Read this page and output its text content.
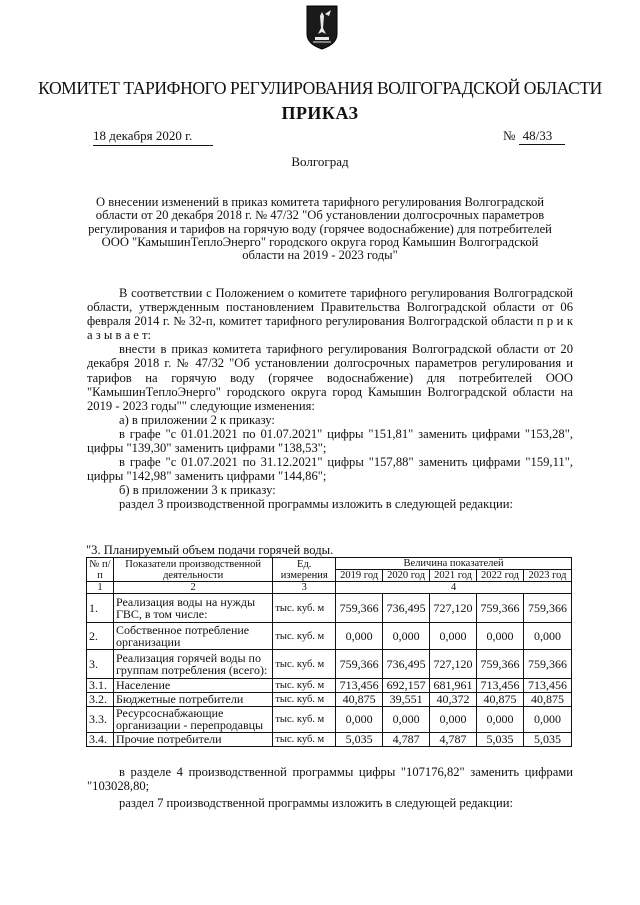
КОМИТЕТ ТАРИФНОГО РЕГУЛИРОВАНИЯ ВОЛГОГРАДСКОЙ ОБЛАСТИ
ПРИКАЗ
18 декабря 2020 г.	№ 48/33
Волгоград
О внесении изменений в приказ комитета тарифного регулирования Волгоградской области от 20 декабря 2018 г. № 47/32 "Об установлении долгосрочных параметров регулирования и тарифов на горячую воду (горячее водоснабжение) для потребителей ООО "КамышинТеплоЭнерго" городского округа город Камышин Волгоградской области на 2019 - 2023 годы"

В соответствии с Положением о комитете тарифного регулирования Волгоградской области, утвержденным постановлением Правительства Волгоградской области от 06 февраля 2014 г. № 32-п, комитет тарифного регулирования Волгоградской области п р и к а з ы в а е т:

внести в приказ комитета тарифного регулирования Волгоградской области от 20 декабря 2018 г. № 47/32 "Об установлении долгосрочных параметров регулирования и тарифов на горячую воду (горячее водоснабжение) для потребителей ООО "КамышинТеплоЭнерго" городского округа город Камышин Волгоградской области на 2019 - 2023 годы"" следующие изменения:

а) в приложении 2 к приказу:

в графе "с 01.01.2021 по 01.07.2021" цифры "151,81" заменить цифрами "153,28", цифры "139,30" заменить цифрами "138,53";

в графе "с 01.07.2021 по 31.12.2021" цифры "157,88" заменить цифрами "159,11", цифры "142,98" заменить цифрами "144,86";

б) в приложении 3 к приказу:

раздел 3 производственной программы изложить в следующей редакции:

"3. Планируемый объем подачи горячей воды.
№ п/п	Показатели производственной деятельности	Ед. измерения	Величина показателей				
			2019 год	2020 год	2021 год	2022 год	2023 год
1	2	3	4				
1.	Реализация воды на нужды ГВС, в том числе:	тыс. куб. м	759,366	736,495	727,120	759,366	759,366
2.	Собственное потребление организации	тыс. куб. м	0,000	0,000	0,000	0,000	0,000
3.	Реализация горячей воды по группам потребления (всего):	тыс. куб. м	759,366	736,495	727,120	759,366	759,366
3.1.	Население	тыс. куб. м	713,456	692,157	681,961	713,456	713,456
3.2.	Бюджетные потребители	тыс. куб. м	40,875	39,551	40,372	40,875	40,875
3.3.	Ресурсоснабжающие организации - перепродавцы	тыс. куб. м	0,000	0,000	0,000	0,000	0,000
3.4.	Прочие потребители	тыс. куб. м	5,035	4,787	4,787	5,035	5,035

в разделе 4 производственной программы цифры "107176,82" заменить цифрами "103028,80;

раздел 7 производственной программы изложить в следующей редакции:
